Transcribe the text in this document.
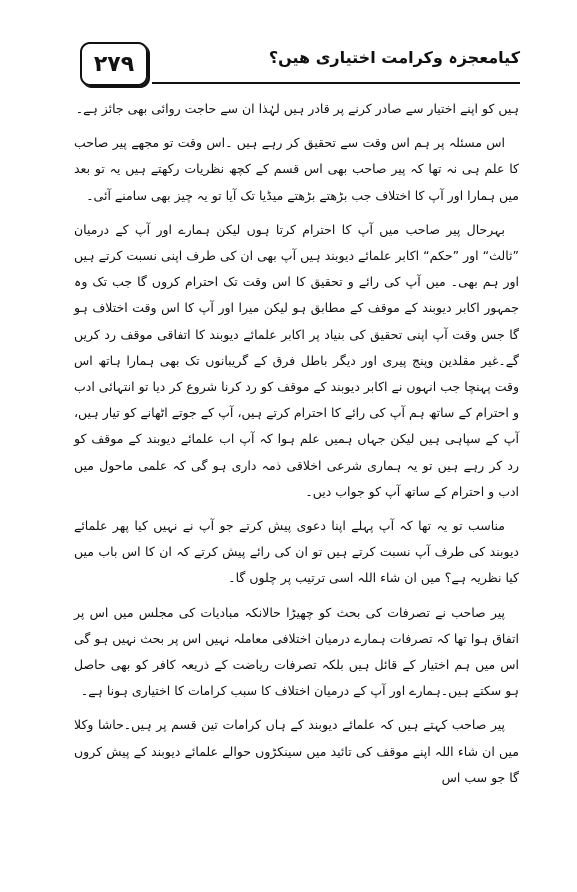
۲۷۹	کیامعجزہ وکرامت اختیاری ھیں؟

ہیں کو اپنے اختیار سے صادر کرنے پر قادر ہیں لہٰذا ان سے حاجت روائی بھی جائز ہے۔

اس مسئلہ پر ہم اس وقت سے تحقیق کر رہے ہیں ۔اس وقت تو مجھے پیر صاحب کا علم ہی نہ تھا کہ پیر صاحب بھی اس قسم کے کچھ نظریات رکھتے ہیں یہ تو بعد میں ہمارا اور آپ کا اختلاف جب بڑھتے بڑھتے میڈیا تک آیا تو یہ چیز بھی سامنے آئی۔

بہرحال پیر صاحب میں آپ کا احترام کرتا ہوں لیکن ہمارے اور آپ کے درمیان ”ثالث“ اور ”حکم“ اکابر علمائے دیوبند ہیں آپ بھی ان کی طرف اپنی نسبت کرتے ہیں اور ہم بھی۔ میں آپ کی رائے و تحقیق کا اس وقت تک احترام کروں گا جب تک وہ جمہور اکابر دیوبند کے موقف کے مطابق ہو لیکن میرا اور آپ کا اس وقت اختلاف ہو گا جس وقت آپ اپنی تحقیق کی بنیاد پر اکابر علمائے دیوبند کا اتفاقی موقف رد کریں گے۔غیر مقلدین وپنج پیری اور دیگر باطل فرق کے گریبانوں تک بھی ہمارا ہاتھ اس وقت پہنچا جب انہوں نے اکابر دیوبند کے موقف کو رد کرنا شروع کر دیا تو انتہائی ادب و احترام کے ساتھ ہم آپ کی رائے کا احترام کرتے ہیں، آپ کے جوتے اٹھانے کو تیار ہیں، آپ کے سپاہی ہیں لیکن جہاں ہمیں علم ہوا کہ آپ اب علمائے دیوبند کے موقف کو رد کر رہے ہیں تو یہ ہماری شرعی اخلاقی ذمہ داری ہو گی کہ علمی ماحول میں ادب و احترام کے ساتھ آپ کو جواب دیں۔

مناسب تو یہ تھا کہ آپ پہلے اپنا دعوی پیش کرتے جو آپ نے نہیں کیا پھر علمائے دیوبند کی طرف آپ نسبت کرتے ہیں تو ان کی رائے پیش کرتے کہ ان کا اس باب میں کیا نظریہ ہے؟ میں ان شاء اللہ اسی ترتیب پر چلوں گا۔

پیر صاحب نے تصرفات کی بحث کو چھیڑا حالانکہ مبادیات کی مجلس میں اس پر اتفاق ہوا تھا کہ تصرفات ہمارے درمیان اختلافی معاملہ نہیں اس پر بحث نہیں ہو گی اس میں ہم اختیار کے قائل ہیں بلکہ تصرفات ریاضت کے ذریعہ کافر کو بھی حاصل ہو سکتے ہیں۔ہمارے اور آپ کے درمیان اختلاف کا سبب کرامات کا اختیاری ہونا ہے۔

پیر صاحب کہتے ہیں کہ علمائے دیوبند کے ہاں کرامات تین قسم پر ہیں۔حاشا وکلا میں ان شاء اللہ اپنے موقف کی تائید میں سینکڑوں حوالے علمائے دیوبند کے پیش کروں گا جو سب اس
